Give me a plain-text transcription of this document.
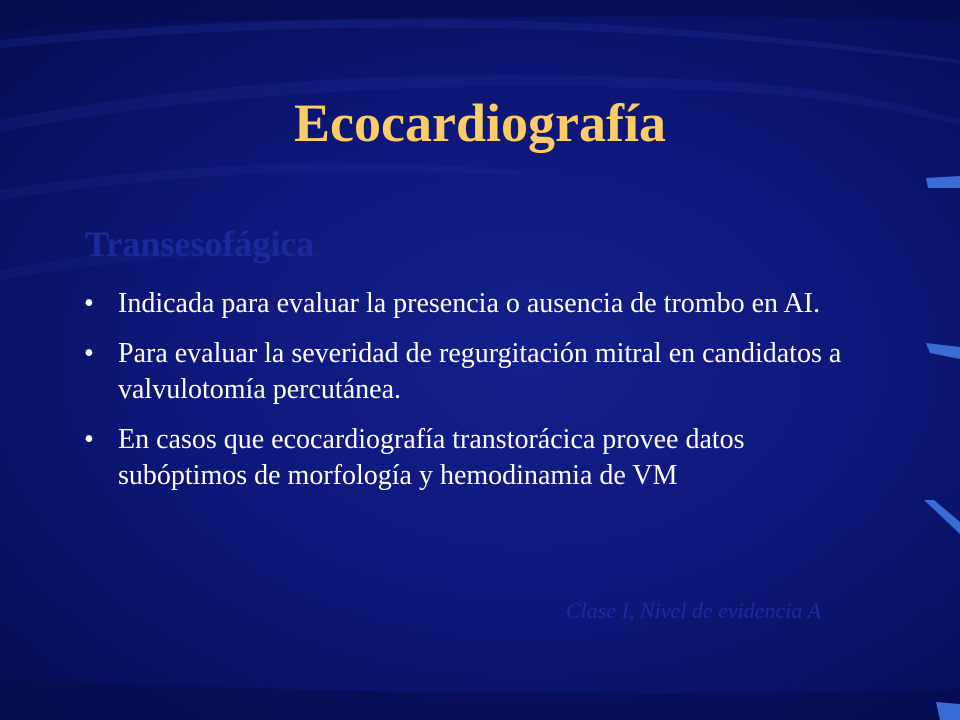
Ecocardiografía
Transesofágica
• Indicada para evaluar la presencia o ausencia de trombo en AI.
• Para evaluar la severidad de regurgitación mitral en candidatos a valvulotomía percutánea.
• En casos que ecocardiografía transtorácica provee datos subóptimos de morfología y hemodinamia de VM
Clase I, Nivel de evidencia A
